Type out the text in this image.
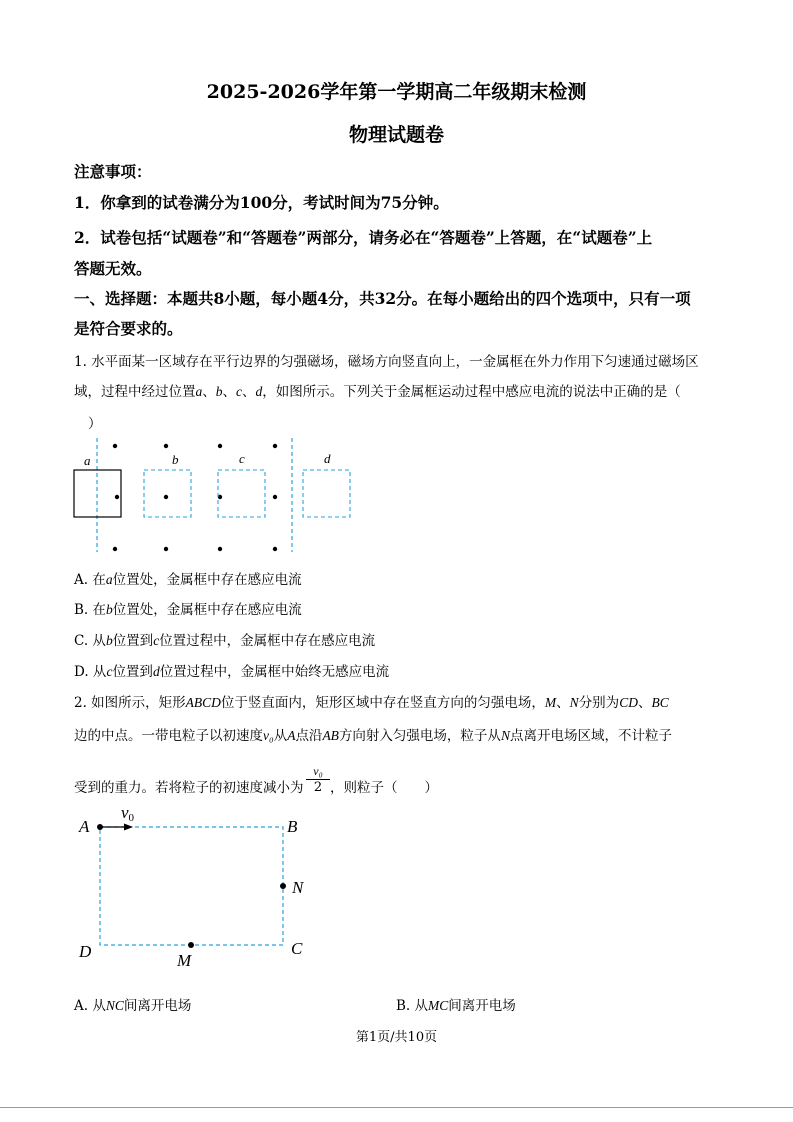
2025-2026学年第一学期高二年级期末检测
物理试题卷
注意事项：
1．你拿到的试卷满分为100分，考试时间为75分钟。
2．试卷包括“试题卷”和“答题卷”两部分，请务必在“答题卷”上答题，在“试题卷”上
答题无效。
一、选择题：本题共8小题，每小题4分，共32分。在每小题给出的四个选项中，只有一项
是符合要求的。
1. 水平面某一区域存在平行边界的匀强磁场，磁场方向竖直向上，一金属框在外力作用下匀速通过磁场区
域，过程中经过位置a、b、c、d，如图所示。下列关于金属框运动过程中感应电流的说法中正确的是（
）
a	b	c	d
A. 在a位置处，金属框中存在感应电流
B. 在b位置处，金属框中存在感应电流
C. 从b位置到c位置过程中，金属框中存在感应电流
D. 从c位置到d位置过程中，金属框中始终无感应电流
2. 如图所示，矩形ABCD位于竖直面内，矩形区域中存在竖直方向的匀强电场，M、N分别为CD、BC
边的中点。一带电粒子以初速度v₀从A点沿AB方向射入匀强电场，粒子从N点离开电场区域，不计粒子
受到的重力。若将粒子的初速度减小为 $\frac{\text{v₀}}{2}$ ，则粒子（　　）
A	B
C
D	M
N
v0
A. 从NC间离开电场	B. 从MC间离开电场
第1页/共10页
